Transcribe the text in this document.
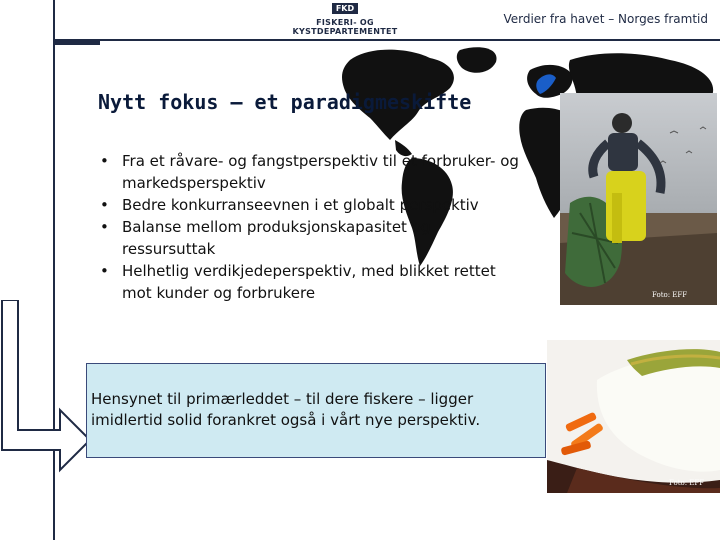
FKD
FISKERI- OG KYSTDEPARTEMENTET
Verdier fra havet – Norges framtid
Nytt fokus – et paradigmeskifte
• Fra et råvare- og fangstperspektiv til et forbruker- og markedsperspektiv
• Bedre konkurranseevnen i et globalt perspektiv
• Balanse mellom produksjonskapasitet og ressursuttak
• Helhetlig verdikjedeperspektiv, med blikket rettet mot kunder og forbrukere	Foto: EFF
Foto: EFF
Hensynet til primærleddet – til dere fiskere – ligger imidlertid solid forankret også i vårt nye perspektiv.
